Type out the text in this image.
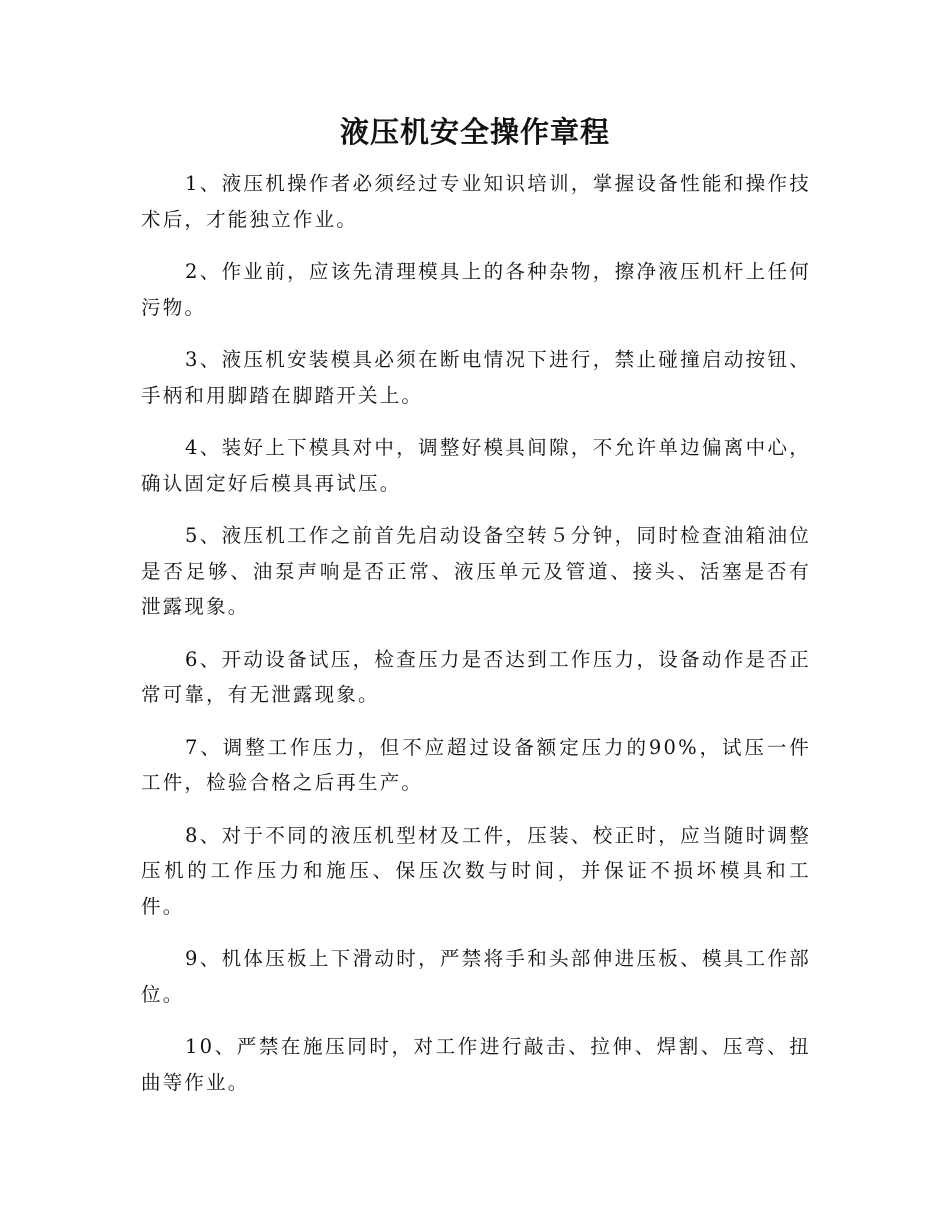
液压机安全操作章程

1、液压机操作者必须经过专业知识培训，掌握设备性能和操作技术后，才能独立作业。

2、作业前，应该先清理模具上的各种杂物，擦净液压机杆上任何污物。

3、液压机安装模具必须在断电情况下进行，禁止碰撞启动按钮、手柄和用脚踏在脚踏开关上。

4、装好上下模具对中，调整好模具间隙，不允许单边偏离中心，确认固定好后模具再试压。

5、液压机工作之前首先启动设备空转５分钟，同时检查油箱油位是否足够、油泵声响是否正常、液压单元及管道、接头、活塞是否有泄露现象。

6、开动设备试压，检查压力是否达到工作压力，设备动作是否正常可靠，有无泄露现象。

7、调整工作压力，但不应超过设备额定压力的90%，试压一件工件，检验合格之后再生产。

8、对于不同的液压机型材及工件，压装、校正时，应当随时调整压机的工作压力和施压、保压次数与时间，并保证不损坏模具和工件。

9、机体压板上下滑动时，严禁将手和头部伸进压板、模具工作部位。

10、严禁在施压同时，对工作进行敲击、拉伸、焊割、压弯、扭曲等作业。
